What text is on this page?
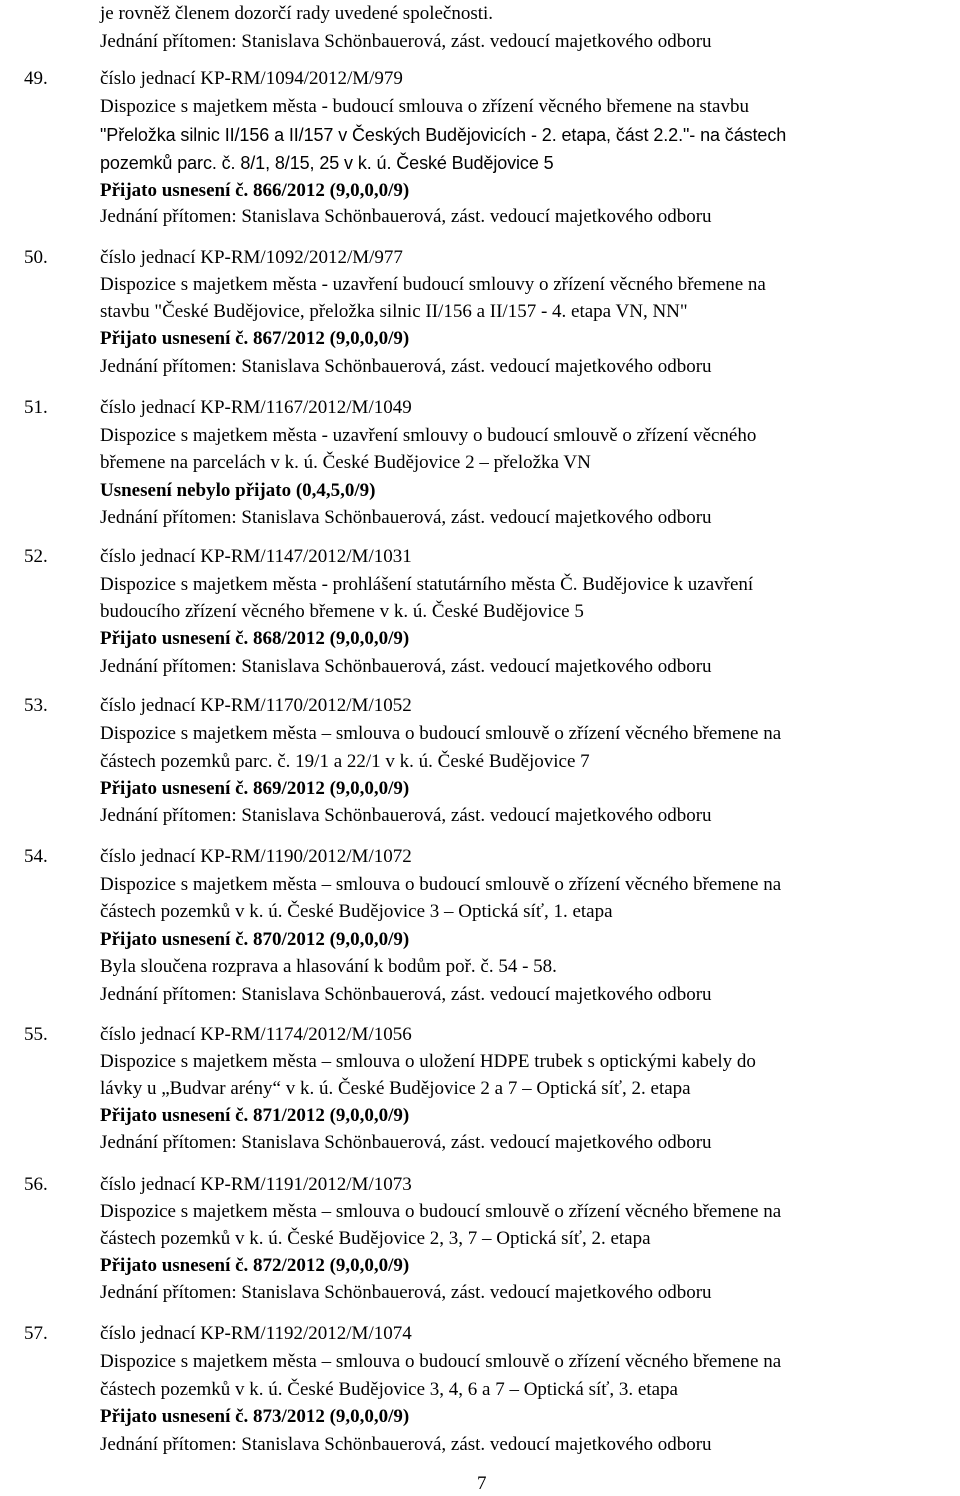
je rovněž členem dozorčí rady uvedené společnosti.
Jednání přítomen: Stanislava Schönbauerová, zást. vedoucí majetkového odboru
49.	číslo jednací KP-RM/1094/2012/M/979
Dispozice s majetkem města - budoucí smlouva o zřízení věcného břemene na stavbu
"Přeložka silnic II/156 a II/157 v Českých Budějovicích - 2. etapa, část 2.2."- na částech
pozemků parc. č. 8/1, 8/15, 25 v k. ú. České Budějovice 5
Přijato usnesení č. 866/2012 (9,0,0,0/9)
Jednání přítomen: Stanislava Schönbauerová, zást. vedoucí majetkového odboru
50.	číslo jednací KP-RM/1092/2012/M/977
Dispozice s majetkem města - uzavření budoucí smlouvy o zřízení věcného břemene na
stavbu "České Budějovice, přeložka silnic II/156 a II/157 - 4. etapa VN, NN"
Přijato usnesení č. 867/2012 (9,0,0,0/9)
Jednání přítomen: Stanislava Schönbauerová, zást. vedoucí majetkového odboru
51.	číslo jednací KP-RM/1167/2012/M/1049
Dispozice s majetkem města - uzavření smlouvy o budoucí smlouvě o zřízení věcného
břemene na parcelách v k. ú. České Budějovice 2 – přeložka VN
Usnesení nebylo přijato (0,4,5,0/9)
Jednání přítomen: Stanislava Schönbauerová, zást. vedoucí majetkového odboru
52.	číslo jednací KP-RM/1147/2012/M/1031
Dispozice s majetkem města - prohlášení statutárního města Č. Budějovice k uzavření
budoucího zřízení věcného břemene v k. ú. České Budějovice 5
Přijato usnesení č. 868/2012 (9,0,0,0/9)
Jednání přítomen: Stanislava Schönbauerová, zást. vedoucí majetkového odboru
53.	číslo jednací KP-RM/1170/2012/M/1052
Dispozice s majetkem města – smlouva o budoucí smlouvě o zřízení věcného břemene na
částech pozemků parc. č. 19/1 a 22/1 v k. ú. České Budějovice 7
Přijato usnesení č. 869/2012 (9,0,0,0/9)
Jednání přítomen: Stanislava Schönbauerová, zást. vedoucí majetkového odboru
54.	číslo jednací KP-RM/1190/2012/M/1072
Dispozice s majetkem města – smlouva o budoucí smlouvě o zřízení věcného břemene na
částech pozemků v k. ú. České Budějovice 3 – Optická síť, 1. etapa
Přijato usnesení č. 870/2012 (9,0,0,0/9)
Byla sloučena rozprava a hlasování k bodům poř. č. 54 - 58.
Jednání přítomen: Stanislava Schönbauerová, zást. vedoucí majetkového odboru
55.	číslo jednací KP-RM/1174/2012/M/1056
Dispozice s majetkem města – smlouva o uložení HDPE trubek s optickými kabely do
lávky u „Budvar arény“ v k. ú. České Budějovice 2 a 7 – Optická síť, 2. etapa
Přijato usnesení č. 871/2012 (9,0,0,0/9)
Jednání přítomen: Stanislava Schönbauerová, zást. vedoucí majetkového odboru
56.	číslo jednací KP-RM/1191/2012/M/1073
Dispozice s majetkem města – smlouva o budoucí smlouvě o zřízení věcného břemene na
částech pozemků v k. ú. České Budějovice 2, 3, 7 – Optická síť, 2. etapa
Přijato usnesení č. 872/2012 (9,0,0,0/9)
Jednání přítomen: Stanislava Schönbauerová, zást. vedoucí majetkového odboru
57.	číslo jednací KP-RM/1192/2012/M/1074
Dispozice s majetkem města – smlouva o budoucí smlouvě o zřízení věcného břemene na
částech pozemků v k. ú. České Budějovice 3, 4, 6 a 7 – Optická síť, 3. etapa
Přijato usnesení č. 873/2012 (9,0,0,0/9)
Jednání přítomen: Stanislava Schönbauerová, zást. vedoucí majetkového odboru
7
